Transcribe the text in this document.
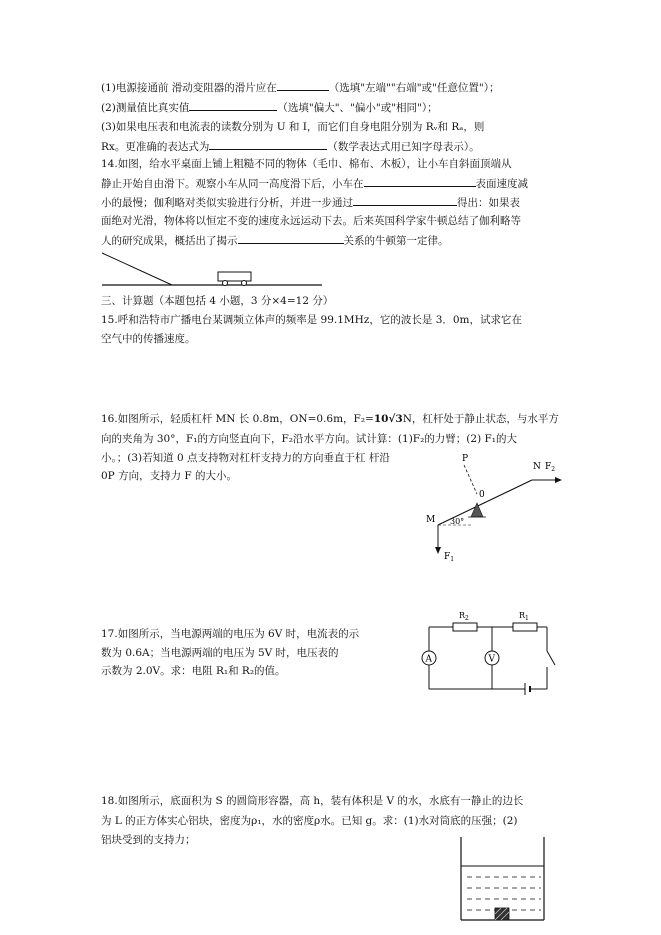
(1)电源接通前 滑动变阻器的滑片应在	（选填"左端""右端"或"任意位置"）；
(2)测量值比真实值	（选填"偏大"、"偏小"或"相同"）；
(3)如果电压表和电流表的读数分别为 U 和 I，而它们自身电阻分别为 Rᵥ和 Rₐ，则
Rx。更准确的表达式为	（数学表达式用已知字母表示）。
14.如图，给水平桌面上铺上粗糙不同的物体（毛巾、棉布、木板），让小车自斜面顶端从
静止开始自由滑下。观察小车从同一高度滑下后，小车在	表面速度减
小的最慢；伽利略对类似实验进行分析，并进一步通过	得出：如果表
面绝对光滑，物体将以恒定不变的速度永远运动下去。后来英国科学家牛顿总结了伽利略等
人的研究成果，概括出了揭示	关系的牛顿第一定律。
三、计算题（本题包括 4 小题，3 分×4=12 分）
15.呼和浩特市广播电台某调频立体声的频率是 99.1MHz，它的波长是 3．0m，试求它在
空气中的传播速度。
16.如图所示，轻质杠杆 MN 长 0.8m，ON=0.6m，F₂=10√3N，杠杆处于静止状态，与水平方
向的夹角为 30°，F₁的方向竖直向下，F₂沿水平方向。试计算：(1)F₂的力臂；(2) F₁的大
小。；(3)若知道 0 点支持物对杠杆支持力的方向垂直于杠 杆沿
0P 方向，支持力 F 的大小。
P
N $F_2$
0
M 30°
$F_1$
17.如图所示，当电源两端的电压为 6V 时，电流表的示
数为 0.6A；当电源两端的电压为 5V 时，电压表的
示数为 2.0V。求：电阻 R₁和 R₂的值。
$R_2$	$R_1$
A	V
18.如图所示，底面积为 S 的圆筒形容器，高 h，装有体积是 V 的水，水底有一静止的边长
为 L 的正方体实心铝块，密度为ρ₁，水的密度ρ水。已知 g。求：(1)水对筒底的压强；(2)
铝块受到的支持力；
